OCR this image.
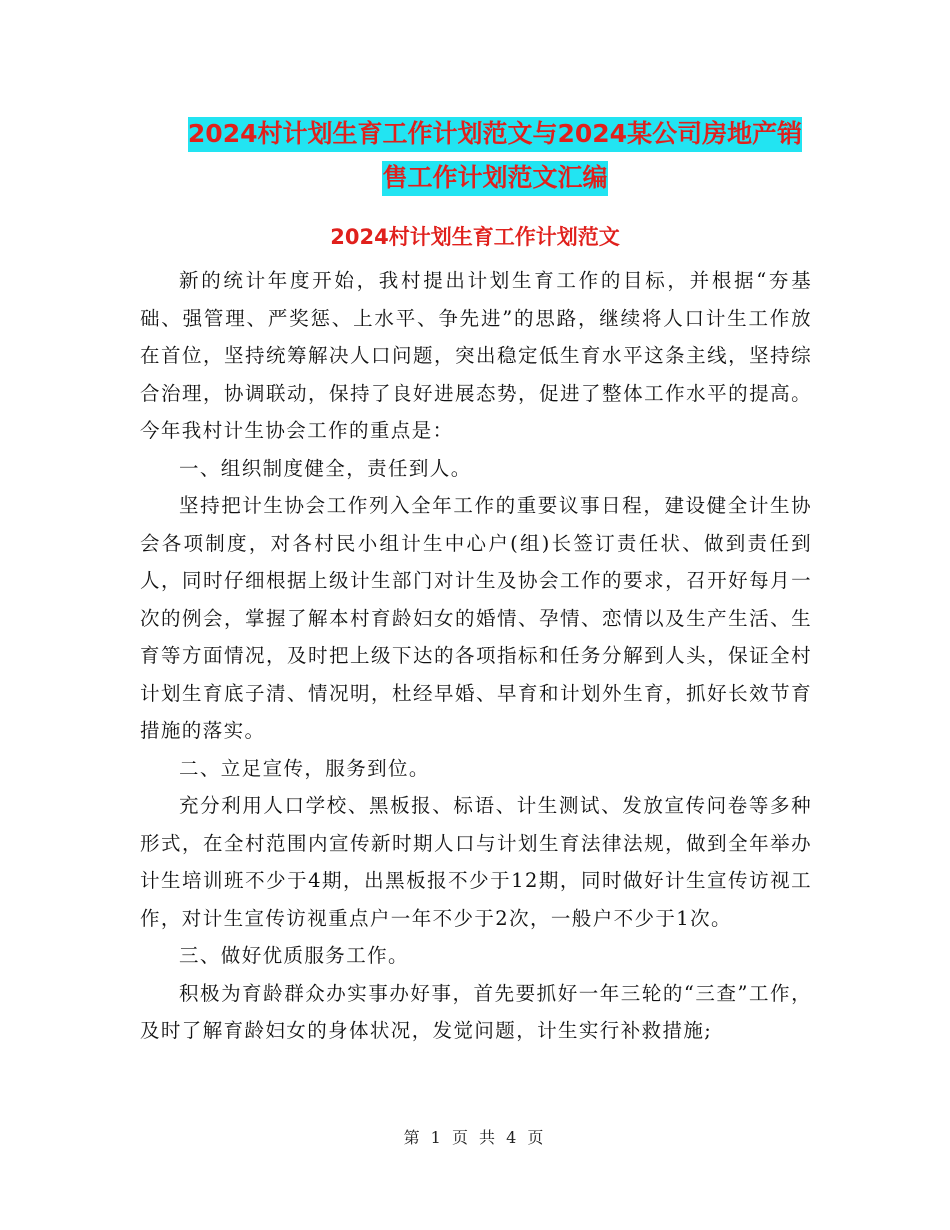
2024村计划生育工作计划范文与2024某公司房地产销
售工作计划范文汇编
2024村计划生育工作计划范文

新的统计年度开始，我村提出计划生育工作的目标，并根据“夯基础、强管理、严奖惩、上水平、争先进”的思路，继续将人口计生工作放在首位，坚持统筹解决人口问题，突出稳定低生育水平这条主线，坚持综合治理，协调联动，保持了良好进展态势，促进了整体工作水平的提高。今年我村计生协会工作的重点是：

一、组织制度健全，责任到人。

坚持把计生协会工作列入全年工作的重要议事日程，建设健全计生协会各项制度，对各村民小组计生中心户(组)长签订责任状、做到责任到人，同时仔细根据上级计生部门对计生及协会工作的要求，召开好每月一次的例会，掌握了解本村育龄妇女的婚情、孕情、恋情以及生产生活、生育等方面情况，及时把上级下达的各项指标和任务分解到人头，保证全村计划生育底子清、情况明，杜经早婚、早育和计划外生育，抓好长效节育措施的落实。

二、立足宣传，服务到位。

充分利用人口学校、黑板报、标语、计生测试、发放宣传问卷等多种形式，在全村范围内宣传新时期人口与计划生育法律法规，做到全年举办计生培训班不少于4期，出黑板报不少于12期，同时做好计生宣传访视工作，对计生宣传访视重点户一年不少于2次，一般户不少于1次。

三、做好优质服务工作。

积极为育龄群众办实事办好事，首先要抓好一年三轮的“三查”工作，及时了解育龄妇女的身体状况，发觉问题，计生实行补救措施;

第 1 页 共 4 页
